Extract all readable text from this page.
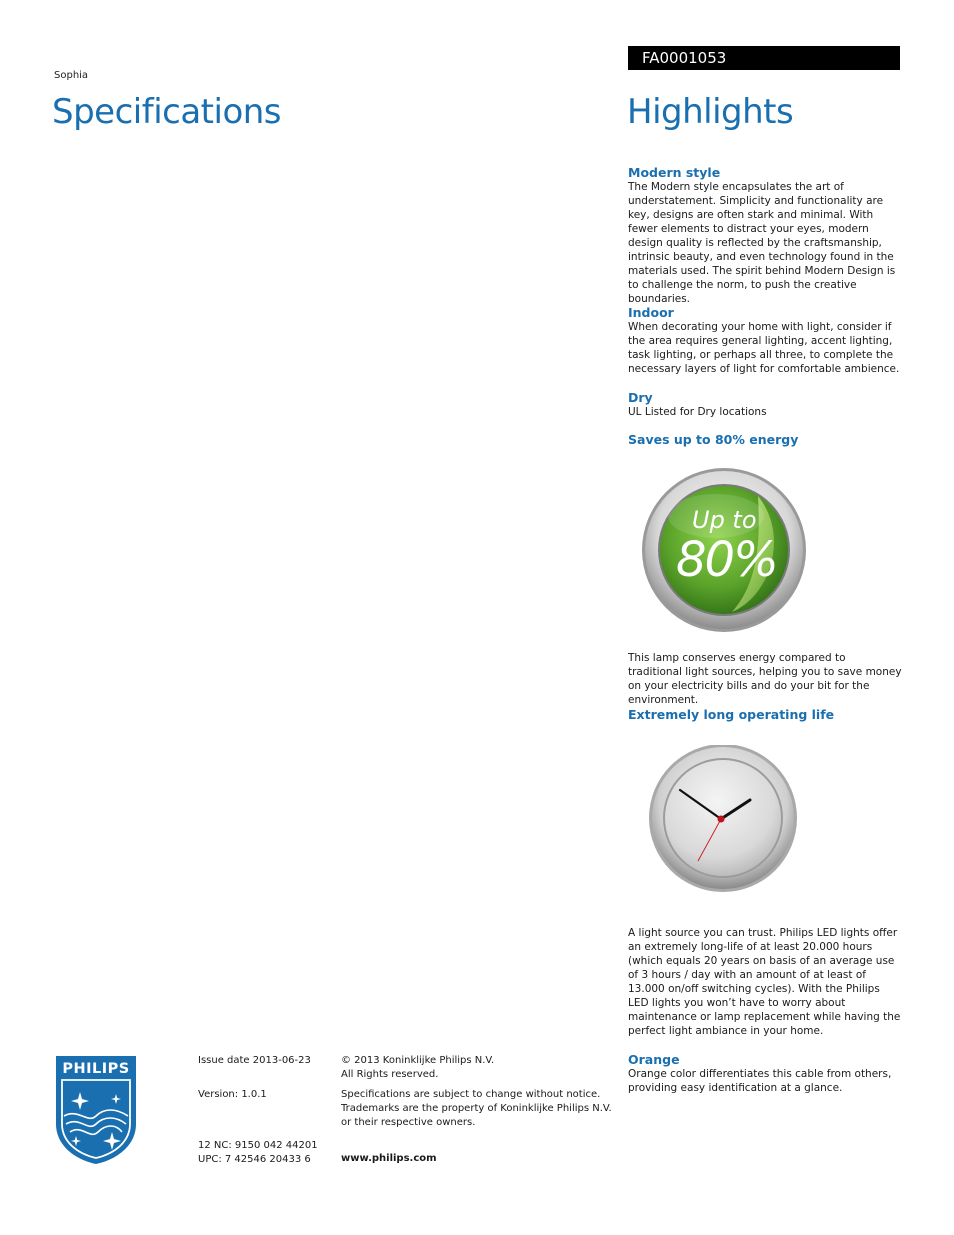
Sophia
Specifications
FA0001053
Highlights

Modern style

The Modern style encapsulates the art of understatement. Simplicity and functionality are key, designs are often stark and minimal. With fewer elements to distract your eyes, modern design quality is reflected by the craftsmanship, intrinsic beauty, and even technology found in the materials used. The spirit behind Modern Design is to challenge the norm, to push the creative boundaries.

Indoor

When decorating your home with light, consider if the area requires general lighting, accent lighting, task lighting, or perhaps all three, to complete the necessary layers of light for comfortable ambience.

Dry

UL Listed for Dry locations

Saves up to 80% energy

Up to
80%

This lamp conserves energy compared to traditional light sources, helping you to save money on your electricity bills and do your bit for the environment.

Extremely long operating life

A light source you can trust. Philips LED lights offer an extremely long-life of at least 20.000 hours (which equals 20 years on basis of an average use of 3 hours / day with an amount of at least of 13.000 on/off switching cycles). With the Philips LED lights you won’t have to worry about maintenance or lamp replacement while having the perfect light ambiance in your home.

Orange

Orange color differentiates this cable from others, providing easy identification at a glance.

PHILIPS
Issue date 2013-06-23
Version: 1.0.1
12 NC: 9150 042 44201
UPC: 7 42546 20433 6
© 2013 Koninklijke Philips N.V.
All Rights reserved.
Specifications are subject to change without notice.
Trademarks are the property of Koninklijke Philips N.V.
or their respective owners.
www.philips.com
